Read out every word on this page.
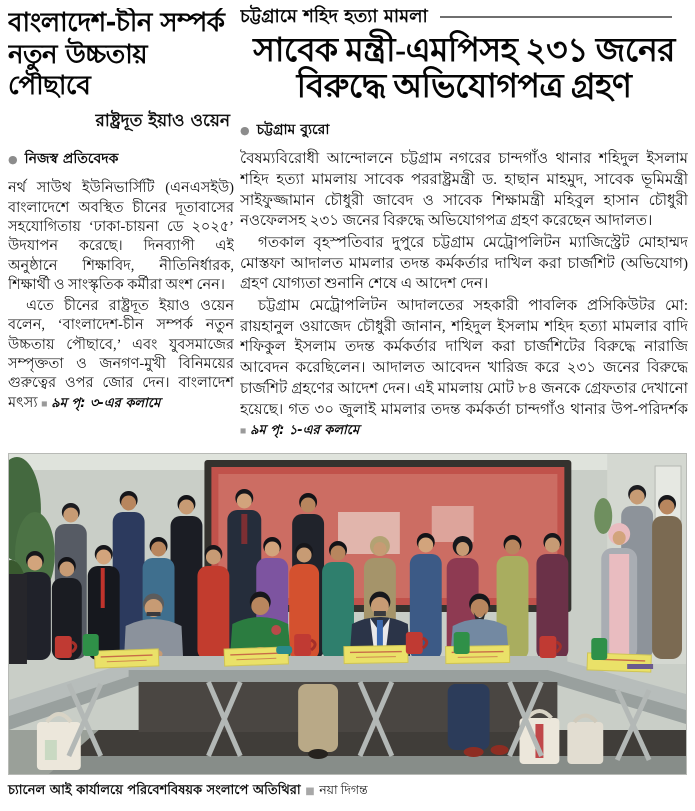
বাংলাদেশ-চীন সম্পর্ক
নতুন উচ্চতায় পৌছাবে
রাষ্ট্রদূত ইয়াও ওয়েন
● নিজস্ব প্রতিবেদক

নর্থ সাউথ ইউনিভার্সিটি (এনএসইউ) বাংলাদেশে অবস্থিত চীনের দূতাবাসের সহযোগিতায় ‘ঢাকা-চায়না ডে ২০২৫’ উদযাপন করেছে। দিনব্যাপী এই অনুষ্ঠানে শিক্ষাবিদ, নীতিনির্ধারক, শিক্ষার্থী ও সাংস্কৃতিক কর্মীরা অংশ নেন।

এতে চীনের রাষ্ট্রদূত ইয়াও ওয়েন বলেন, ‘বাংলাদেশ-চীন সম্পর্ক নতুন উচ্চতায় পৌছাবে,’ এবং যুবসমাজের সম্পৃক্ততা ও জনগণ-মুখী বিনিময়ের গুরুত্বের ওপর জোর দেন। বাংলাদেশ মৎস্য ■ ৯ম পৃ: ৩-এর কলামে

চট্টগ্রামে শহিদ হত্যা মামলা
সাবেক মন্ত্রী-এমপিসহ ২৩১ জনের
বিরুদ্ধে অভিযোগপত্র গ্রহণ
● চট্টগ্রাম ব্যুরো

বৈষম্যবিরোধী আন্দোলনে চট্টগ্রাম নগরের চান্দগাঁও থানার শহিদুল ইসলাম শহিদ হত্যা মামলায় সাবেক পররাষ্ট্রমন্ত্রী ড. হাছান মাহমুদ, সাবেক ভূমিমন্ত্রী সাইফুজ্জামান চৌধুরী জাবেদ ও সাবেক শিক্ষামন্ত্রী মহিবুল হাসান চৌধুরী নওফেলসহ ২৩১ জনের বিরুদ্ধে অভিযোগপত্র গ্রহণ করেছেন আদালত।

গতকাল বৃহস্পতিবার দুপুরে চট্টগ্রাম মেট্রোপলিটন ম্যাজিস্ট্রেট মোহাম্মদ মোস্তফা আদালত মামলার তদন্ত কর্মকর্তার দাখিল করা চার্জশিট (অভিযোগ) গ্রহণ যোগ্যতা শুনানি শেষে এ আদেশ দেন।

চট্টগ্রাম মেট্রোপলিটন আদালতের সহকারী পাবলিক প্রসিকিউটর মো: রায়হানুল ওয়াজেদ চৌধুরী জানান, শহিদুল ইসলাম শহিদ হত্যা মামলার বাদি শফিকুল ইসলাম তদন্ত কর্মকর্তার দাখিল করা চার্জশিটের বিরুদ্ধে নারাজি আবেদন করেছিলেন। আদালত আবেদন খারিজ করে ২৩১ জনের বিরুদ্ধে চার্জশিট গ্রহণের আদেশ দেন। এই মামলায় মোট ৮৪ জনকে গ্রেফতার দেখানো হয়েছে। গত ৩০ জুলাই মামলার তদন্ত কর্মকর্তা চান্দগাঁও থানার উপ-পরিদর্শক ■ ৯ম পৃ: ১-এর কলামে

চ্যানেল আই কার্যালয়ে পরিবেশবিষয়ক সংলাপে অতিথিরা ■ নয়া দিগন্ত
